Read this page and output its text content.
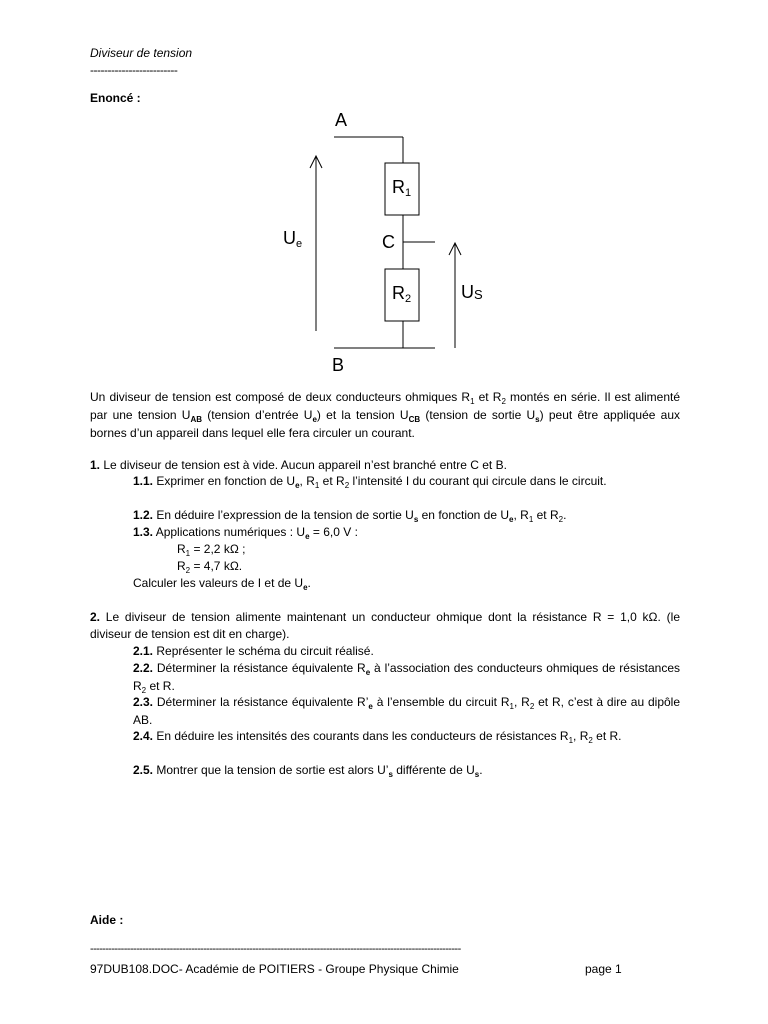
Diviseur de tension
-------------------------
Enoncé :
A
B
C
R1
R2
Ue
US
Un diviseur de tension est composé de deux conducteurs ohmiques $R_1$ et $R_2$ montés en série. Il est alimenté par une tension $U_{AB}$ (tension d’entrée $U_e$) et la tension $U_{CB}$ (tension de sortie $U_s$) peut être appliquée aux bornes d’un appareil dans lequel elle fera circuler un courant.
1. Le diviseur de tension est à vide. Aucun appareil n’est branché entre C et B.
1.1. Exprimer en fonction de $U_e$, $R_1$ et $R_2$ l’intensité I du courant qui circule dans le circuit.
1.2. En déduire l’expression de la tension de sortie $U_s$ en fonction de $U_e$, $R_1$ et $R_2$.
1.3. Applications numériques : $U_e = 6,0$ V :
$R_1 = 2,2$ kΩ ;
$R_2 = 4,7$ kΩ.
Calculer les valeurs de I et de $U_e$.
2. Le diviseur de tension alimente maintenant un conducteur ohmique dont la résistance R = 1,0 kΩ. (le diviseur de tension est dit en charge).
2.1. Représenter le schéma du circuit réalisé.
2.2. Déterminer la résistance équivalente $R_e$ à l’association des conducteurs ohmiques de résistances $R_2$ et R.
2.3. Déterminer la résistance équivalente $R’_e$ à l’ensemble du circuit $R_1$, $R_2$ et R, c’est à dire au dipôle AB.
2.4. En déduire les intensités des courants dans les conducteurs de résistances $R_1$, $R_2$ et R.
2.5. Montrer que la tension de sortie est alors $U’_s$ différente de $U_s$.
Aide :
-------------------------------------------------------------------------------------------------------------------------
97DUB108.DOC- Académie de POITIERS - Groupe Physique Chimie	page 1
